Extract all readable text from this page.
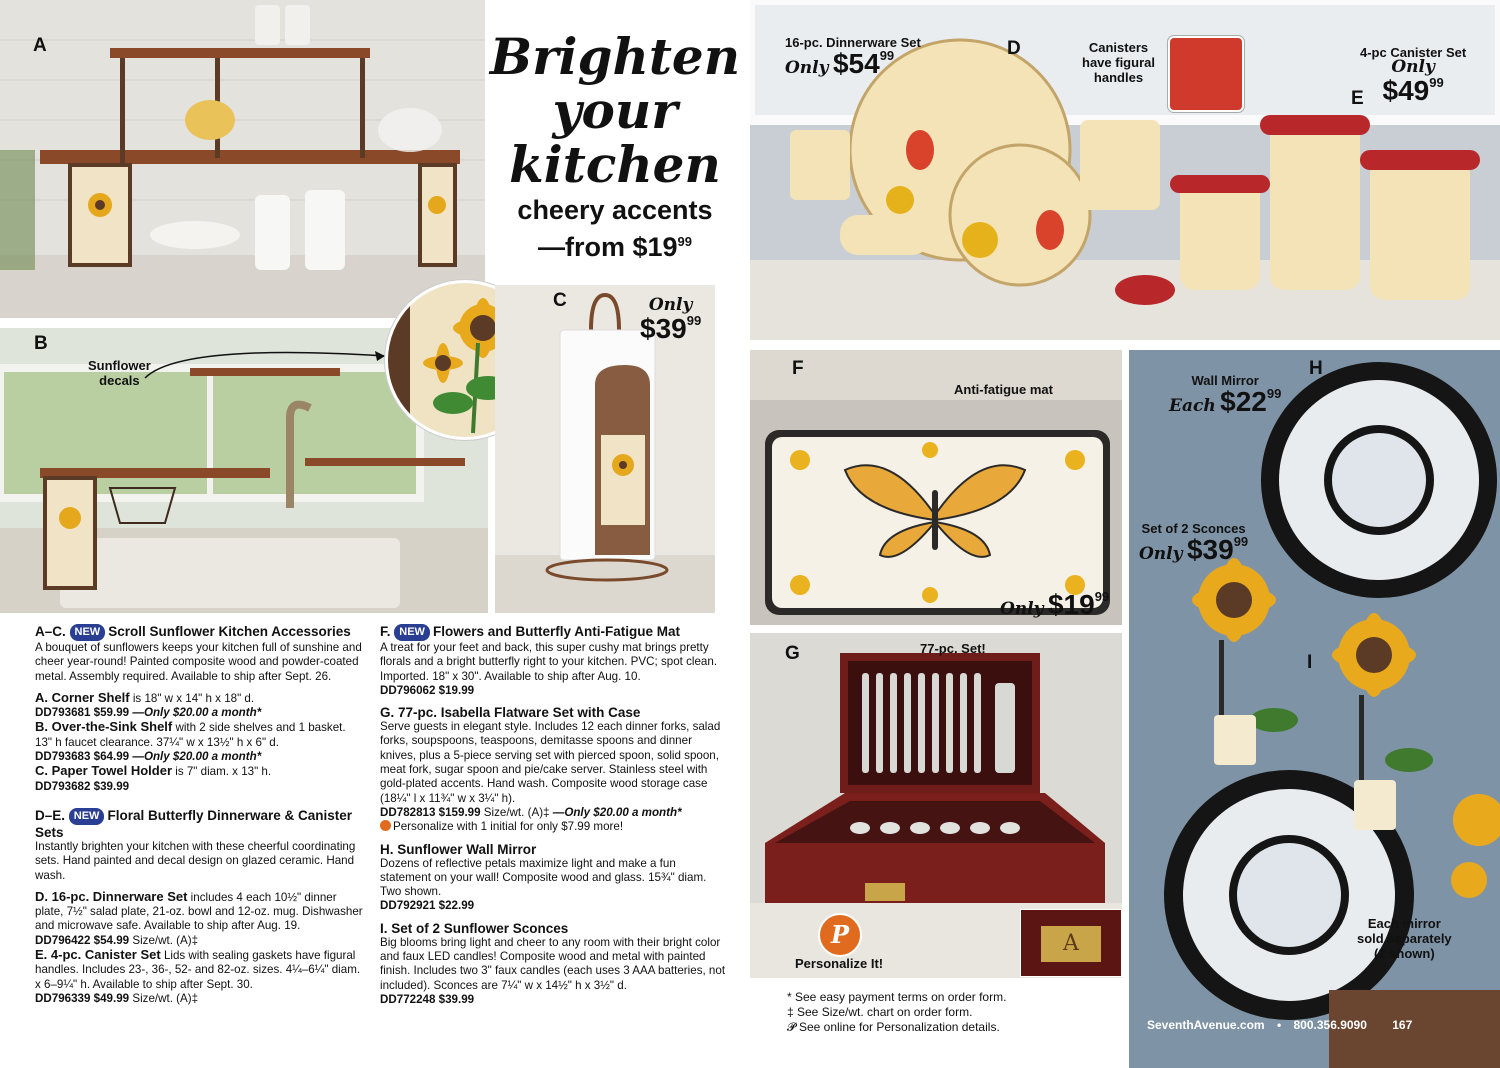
A	Brighten
your
kitchen
cheery accents
—from $\$19^{99}$
B
Sunflower
decals
C	Only
$\$39^{99}$
D
E
16-pc. Dinnerware Set
Only $\$54^{99}$
Canisters
have figural
handles
4-pc Canister Set
Only
$\$49^{99}$
F
Anti-fatigue mat
Only $\$19^{99}$
G	77-pc. Set!
P
Personalize It!
A
H
I
Wall Mirror
Each $\$22^{99}$
Set of 2 Sconces
Only $\$39^{99}$
Each mirror
sold separately
(2 shown)
SeventhAvenue.com • 800.356.9090 167

A–C. NEW Scroll Sunflower Kitchen Accessories

A bouquet of sunflowers keeps your kitchen full of sunshine and cheer year-round! Painted composite wood and powder-coated metal. Assembly required. Available to ship after Sept. 26.

A. Corner Shelf is 18" w x 14" h x 18" d.

DD793681 $59.99 —Only $20.00 a month*

B. Over-the-Sink Shelf with 2 side shelves and 1 basket. 13" h faucet clearance. 37¼" w x 13½" h x 6" d.

DD793683 $64.99 —Only $20.00 a month*

C. Paper Towel Holder is 7" diam. x 13" h.

DD793682 $39.99

D–E. NEW Floral Butterfly Dinnerware & Canister Sets

Instantly brighten your kitchen with these cheerful coordinating sets. Hand painted and decal design on glazed ceramic. Hand wash.

D. 16-pc. Dinnerware Set includes 4 each 10½" dinner plate, 7½" salad plate, 21-oz. bowl and 12-oz. mug. Dishwasher and microwave safe. Available to ship after Aug. 19.

DD796422 $54.99 Size/wt. (A)‡

E. 4-pc. Canister Set Lids with sealing gaskets have figural handles. Includes 23-, 36-, 52- and 82-oz. sizes. 4¼–6¼" diam. x 6–9¼" h. Available to ship after Sept. 30.

DD796339 $49.99 Size/wt. (A)‡

F. NEW Flowers and Butterfly Anti-Fatigue Mat

A treat for your feet and back, this super cushy mat brings pretty florals and a bright butterfly right to your kitchen. PVC; spot clean. Imported. 18" x 30". Available to ship after Aug. 10.

DD796062 $19.99

G. 77-pc. Isabella Flatware Set with Case

Serve guests in elegant style. Includes 12 each dinner forks, salad forks, soupspoons, teaspoons, demitasse spoons and dinner knives, plus a 5-piece serving set with pierced spoon, solid spoon, meat fork, sugar spoon and pie/cake server. Stainless steel with gold-plated accents. Hand wash. Composite wood storage case (18¼" l x 11¾" w x 3¼" h).

DD782813 $159.99 Size/wt. (A)‡ —Only $20.00 a month*

Personalize with 1 initial for only $7.99 more!

H. Sunflower Wall Mirror

Dozens of reflective petals maximize light and make a fun statement on your wall! Composite wood and glass. 15¾" diam. Two shown.

DD792921 $22.99

I. Set of 2 Sunflower Sconces

Big blooms bring light and cheer to any room with their bright color and faux LED candles! Composite wood and metal with painted finish. Includes two 3" faux candles (each uses 3 AAA batteries, not included). Sconces are 7¼" w x 14½" h x 3½" d.

DD772248 $39.99	* See easy payment terms on order form.

‡ See Size/wt. chart on order form.

𝓟 See online for Personalization details.
